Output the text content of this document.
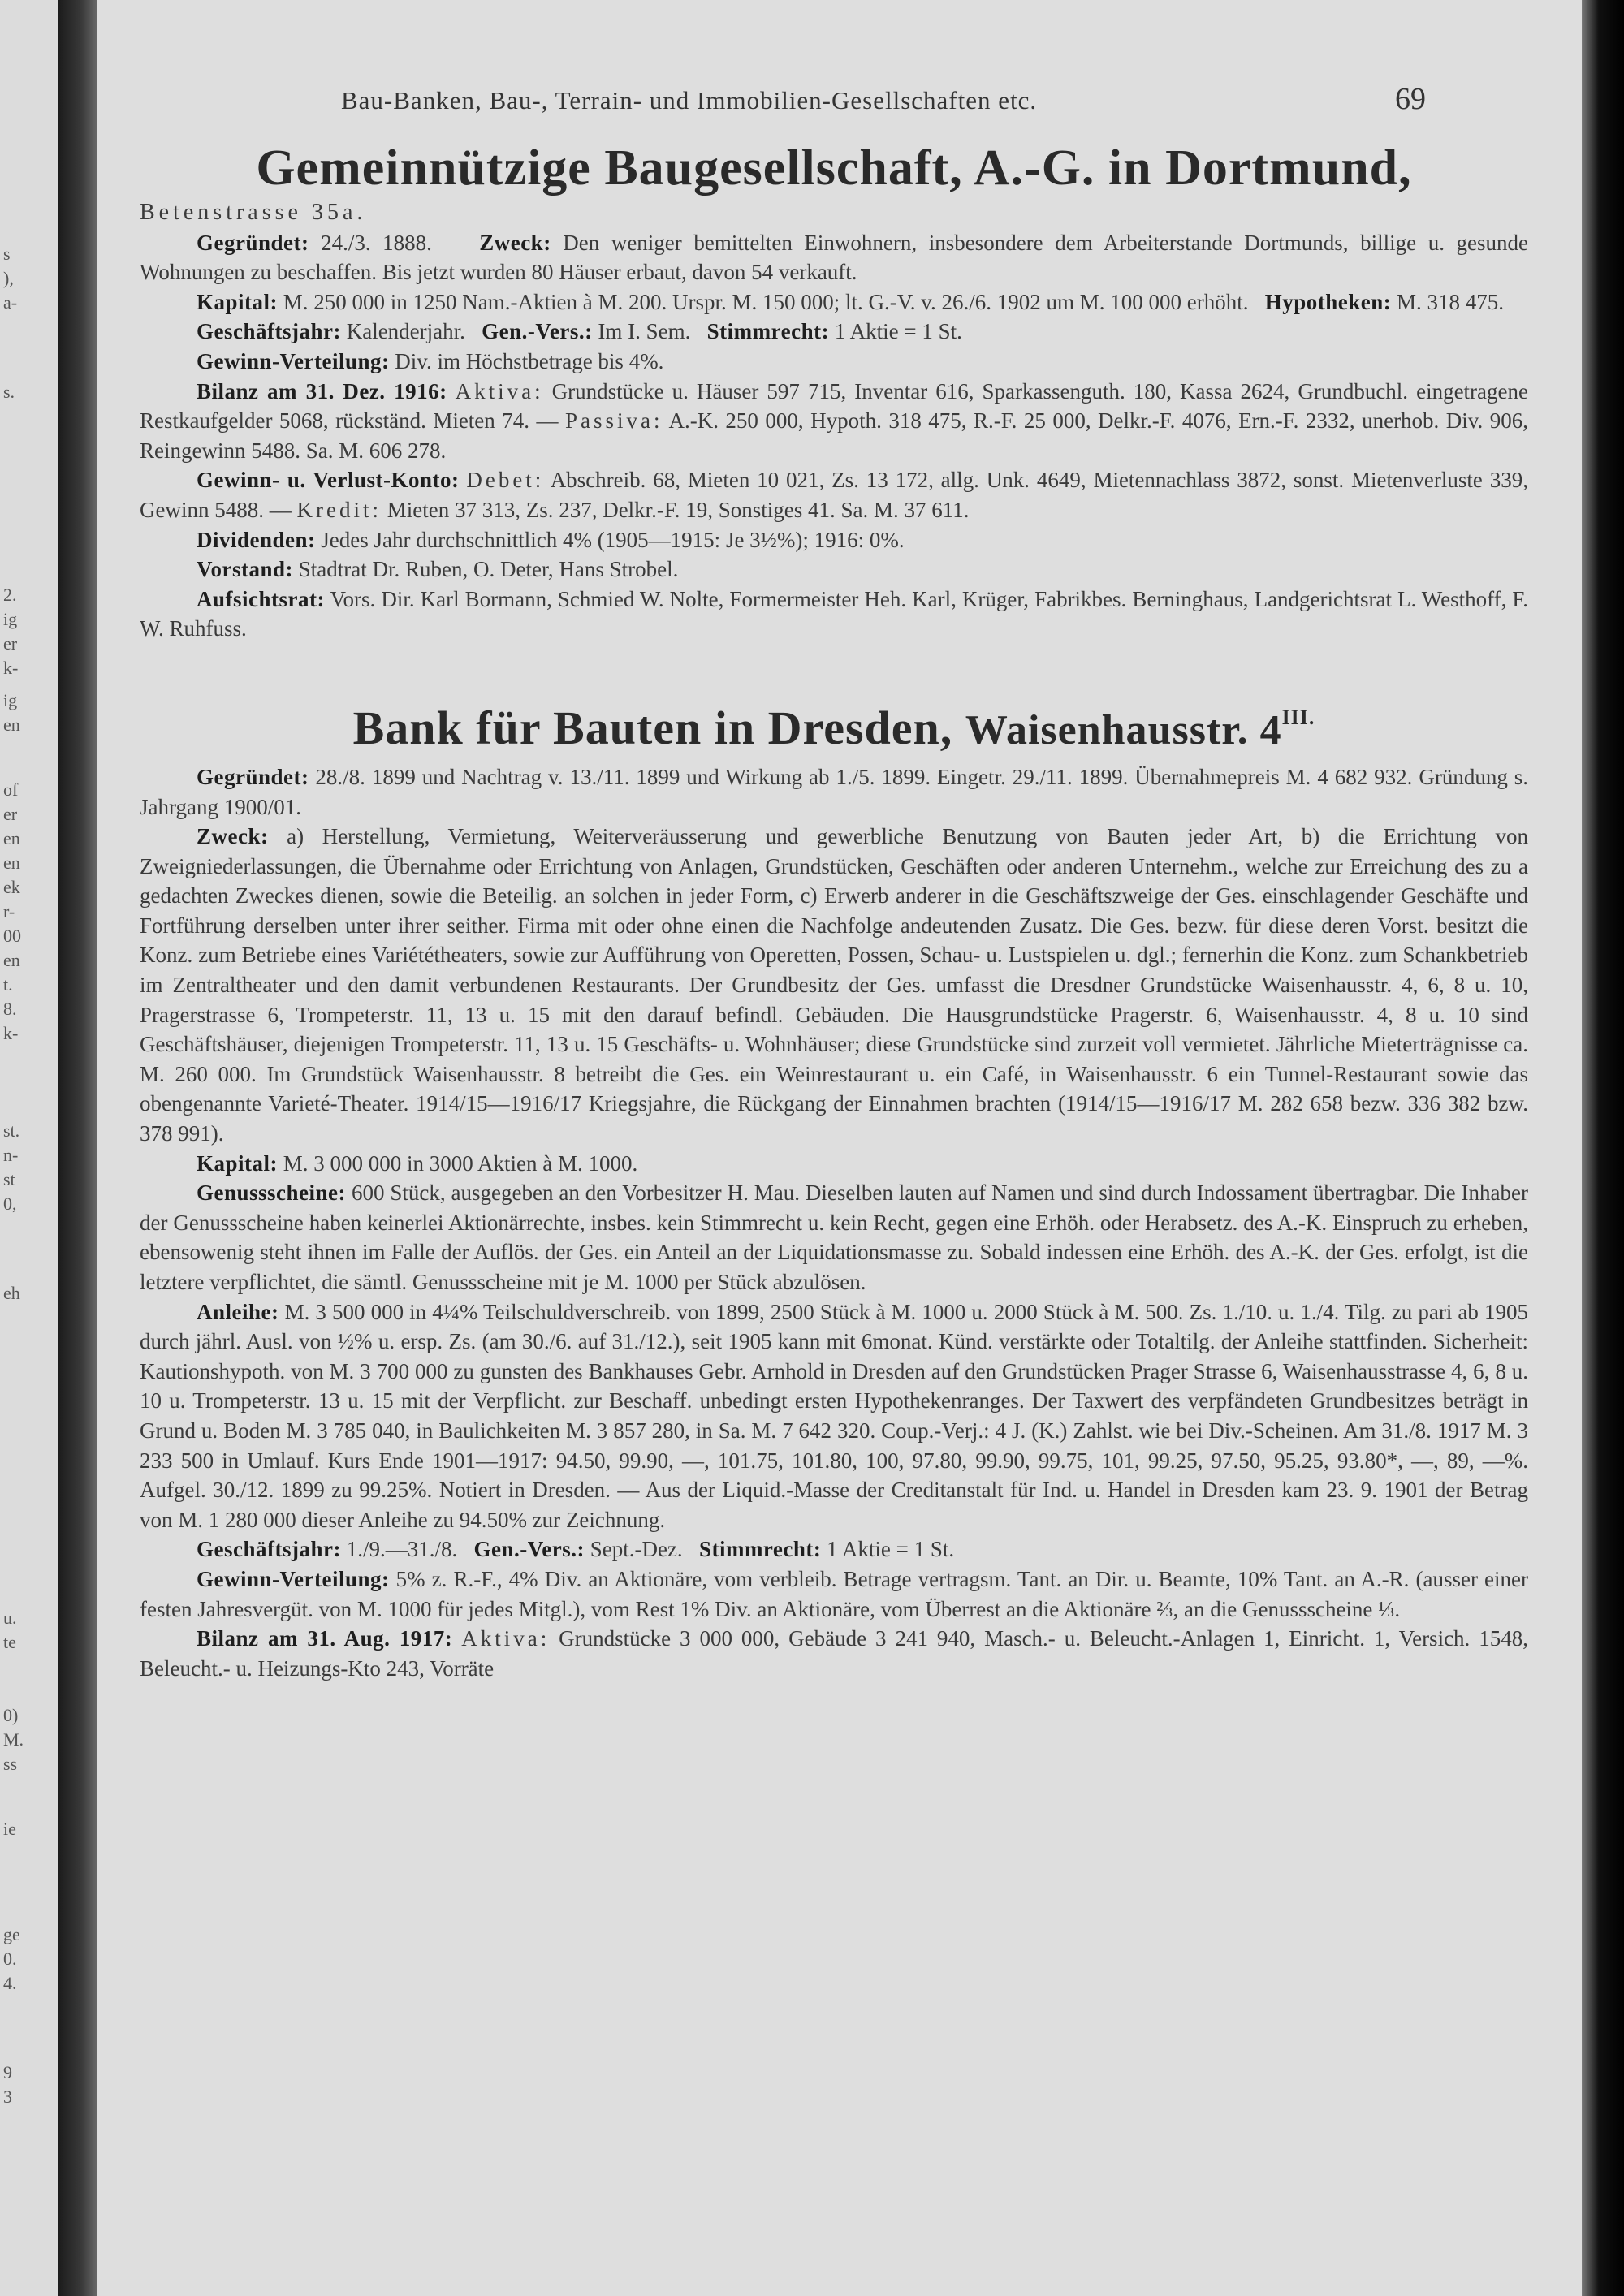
s
),
a-
s.
2.
ig
er
k-
ig
en
of
er
en
en
ek
r-
00
en
t.
8.
k-
st.
n-
st
0,
eh
u.
te
0)
M.
ss
ie
ge
0.
4.
9
3
Bau-Banken, Bau-, Terrain- und Immobilien-Gesellschaften etc.	69
Gemeinnützige Baugesellschaft, A.-G. in Dortmund,

Betenstrasse 35a.

Gegründet: 24./3. 1888. Zweck: Den weniger bemittelten Einwohnern, insbesondere dem Arbeiterstande Dortmunds, billige u. gesunde Wohnungen zu beschaffen. Bis jetzt wurden 80 Häuser erbaut, davon 54 verkauft.

Kapital: M. 250 000 in 1250 Nam.-Aktien à M. 200. Urspr. M. 150 000; lt. G.-V. v. 26./6. 1902 um M. 100 000 erhöht. Hypotheken: M. 318 475.

Geschäftsjahr: Kalenderjahr. Gen.-Vers.: Im I. Sem. Stimmrecht: 1 Aktie = 1 St.

Gewinn-Verteilung: Div. im Höchstbetrage bis 4%.

Bilanz am 31. Dez. 1916: Aktiva: Grundstücke u. Häuser 597 715, Inventar 616, Sparkassenguth. 180, Kassa 2624, Grundbuchl. eingetragene Restkaufgelder 5068, rückständ. Mieten 74. — Passiva: A.-K. 250 000, Hypoth. 318 475, R.-F. 25 000, Delkr.-F. 4076, Ern.-F. 2332, unerhob. Div. 906, Reingewinn 5488. Sa. M. 606 278.

Gewinn- u. Verlust-Konto: Debet: Abschreib. 68, Mieten 10 021, Zs. 13 172, allg. Unk. 4649, Mietennachlass 3872, sonst. Mietenverluste 339, Gewinn 5488. — Kredit: Mieten 37 313, Zs. 237, Delkr.-F. 19, Sonstiges 41. Sa. M. 37 611.

Dividenden: Jedes Jahr durchschnittlich 4% (1905—1915: Je 3½%); 1916: 0%.

Vorstand: Stadtrat Dr. Ruben, O. Deter, Hans Strobel.

Aufsichtsrat: Vors. Dir. Karl Bormann, Schmied W. Nolte, Formermeister Heh. Karl, Krüger, Fabrikbes. Berninghaus, Landgerichtsrat L. Westhoff, F. W. Ruhfuss.

Bank für Bauten in Dresden, Waisenhausstr. $4^{III.}$

Gegründet: 28./8. 1899 und Nachtrag v. 13./11. 1899 und Wirkung ab 1./5. 1899. Eingetr. 29./11. 1899. Übernahmepreis M. 4 682 932. Gründung s. Jahrgang 1900/01.

Zweck: a) Herstellung, Vermietung, Weiterveräusserung und gewerbliche Benutzung von Bauten jeder Art, b) die Errichtung von Zweigniederlassungen, die Übernahme oder Errichtung von Anlagen, Grundstücken, Geschäften oder anderen Unternehm., welche zur Erreichung des zu a gedachten Zweckes dienen, sowie die Beteilig. an solchen in jeder Form, c) Erwerb anderer in die Geschäftszweige der Ges. einschlagender Geschäfte und Fortführung derselben unter ihrer seither. Firma mit oder ohne einen die Nachfolge andeutenden Zusatz. Die Ges. bezw. für diese deren Vorst. besitzt die Konz. zum Betriebe eines Variététheaters, sowie zur Aufführung von Operetten, Possen, Schau- u. Lustspielen u. dgl.; fernerhin die Konz. zum Schankbetrieb im Zentraltheater und den damit verbundenen Restaurants. Der Grundbesitz der Ges. umfasst die Dresdner Grundstücke Waisenhausstr. 4, 6, 8 u. 10, Pragerstrasse 6, Trompeterstr. 11, 13 u. 15 mit den darauf befindl. Gebäuden. Die Hausgrundstücke Pragerstr. 6, Waisenhausstr. 4, 8 u. 10 sind Geschäftshäuser, diejenigen Trompeterstr. 11, 13 u. 15 Geschäfts- u. Wohnhäuser; diese Grundstücke sind zurzeit voll vermietet. Jährliche Mieterträgnisse ca. M. 260 000. Im Grundstück Waisenhausstr. 8 betreibt die Ges. ein Weinrestaurant u. ein Café, in Waisenhausstr. 6 ein Tunnel-Restaurant sowie das obengenannte Varieté-Theater. 1914/15—1916/17 Kriegsjahre, die Rückgang der Einnahmen brachten (1914/15—1916/17 M. 282 658 bezw. 336 382 bzw. 378 991).

Kapital: M. 3 000 000 in 3000 Aktien à M. 1000.

Genussscheine: 600 Stück, ausgegeben an den Vorbesitzer H. Mau. Dieselben lauten auf Namen und sind durch Indossament übertragbar. Die Inhaber der Genussscheine haben keinerlei Aktionärrechte, insbes. kein Stimmrecht u. kein Recht, gegen eine Erhöh. oder Herabsetz. des A.-K. Einspruch zu erheben, ebensowenig steht ihnen im Falle der Auflös. der Ges. ein Anteil an der Liquidationsmasse zu. Sobald indessen eine Erhöh. des A.-K. der Ges. erfolgt, ist die letztere verpflichtet, die sämtl. Genussscheine mit je M. 1000 per Stück abzulösen.

Anleihe: M. 3 500 000 in 4¼% Teilschuldverschreib. von 1899, 2500 Stück à M. 1000 u. 2000 Stück à M. 500. Zs. 1./10. u. 1./4. Tilg. zu pari ab 1905 durch jährl. Ausl. von ½% u. ersp. Zs. (am 30./6. auf 31./12.), seit 1905 kann mit 6monat. Künd. verstärkte oder Totaltilg. der Anleihe stattfinden. Sicherheit: Kautionshypoth. von M. 3 700 000 zu gunsten des Bankhauses Gebr. Arnhold in Dresden auf den Grundstücken Prager Strasse 6, Waisenhausstrasse 4, 6, 8 u. 10 u. Trompeterstr. 13 u. 15 mit der Verpflicht. zur Beschaff. unbedingt ersten Hypothekenranges. Der Taxwert des verpfändeten Grundbesitzes beträgt in Grund u. Boden M. 3 785 040, in Baulichkeiten M. 3 857 280, in Sa. M. 7 642 320. Coup.-Verj.: 4 J. (K.) Zahlst. wie bei Div.-Scheinen. Am 31./8. 1917 M. 3 233 500 in Umlauf. Kurs Ende 1901—1917: 94.50, 99.90, —, 101.75, 101.80, 100, 97.80, 99.90, 99.75, 101, 99.25, 97.50, 95.25, 93.80*, —, 89, —%. Aufgel. 30./12. 1899 zu 99.25%. Notiert in Dresden. — Aus der Liquid.-Masse der Creditanstalt für Ind. u. Handel in Dresden kam 23. 9. 1901 der Betrag von M. 1 280 000 dieser Anleihe zu 94.50% zur Zeichnung.

Geschäftsjahr: 1./9.—31./8. Gen.-Vers.: Sept.-Dez. Stimmrecht: 1 Aktie = 1 St.

Gewinn-Verteilung: 5% z. R.-F., 4% Div. an Aktionäre, vom verbleib. Betrage vertragsm. Tant. an Dir. u. Beamte, 10% Tant. an A.-R. (ausser einer festen Jahresvergüt. von M. 1000 für jedes Mitgl.), vom Rest 1% Div. an Aktionäre, vom Überrest an die Aktionäre ⅔, an die Genussscheine ⅓.

Bilanz am 31. Aug. 1917: Aktiva: Grundstücke 3 000 000, Gebäude 3 241 940, Masch.- u. Beleucht.-Anlagen 1, Einricht. 1, Versich. 1548, Beleucht.- u. Heizungs-Kto 243, Vorräte
